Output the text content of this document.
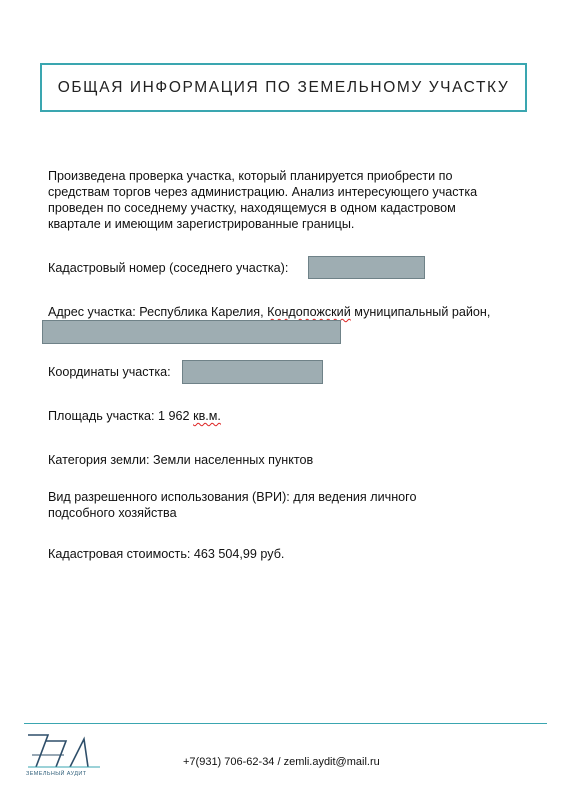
ОБЩАЯ ИНФОРМАЦИЯ ПО ЗЕМЕЛЬНОМУ УЧАСТКУ

Произведена проверка участка, который планируется приобрести по

средствам торгов через администрацию. Анализ интересующего участка

проведен по соседнему участку, находящемуся в одном кадастровом

квартале и имеющим зарегистрированные границы.

Кадастровый номер (соседнего участка):

Адрес участка: Республика Карелия, Кондопожский муниципальный район,

Координаты участка:

Площадь участка: 1 962 кв.м.

Категория земли: Земли населенных пунктов

Вид разрешенного использования (ВРИ): для ведения личного

подсобного хозяйства

Кадастровая стоимость: 463 504,99 руб.

ЗЕМЕЛЬНЫЙ АУДИТ
+7(931) 706-62-34 / zemli.aydit@mail.ru
